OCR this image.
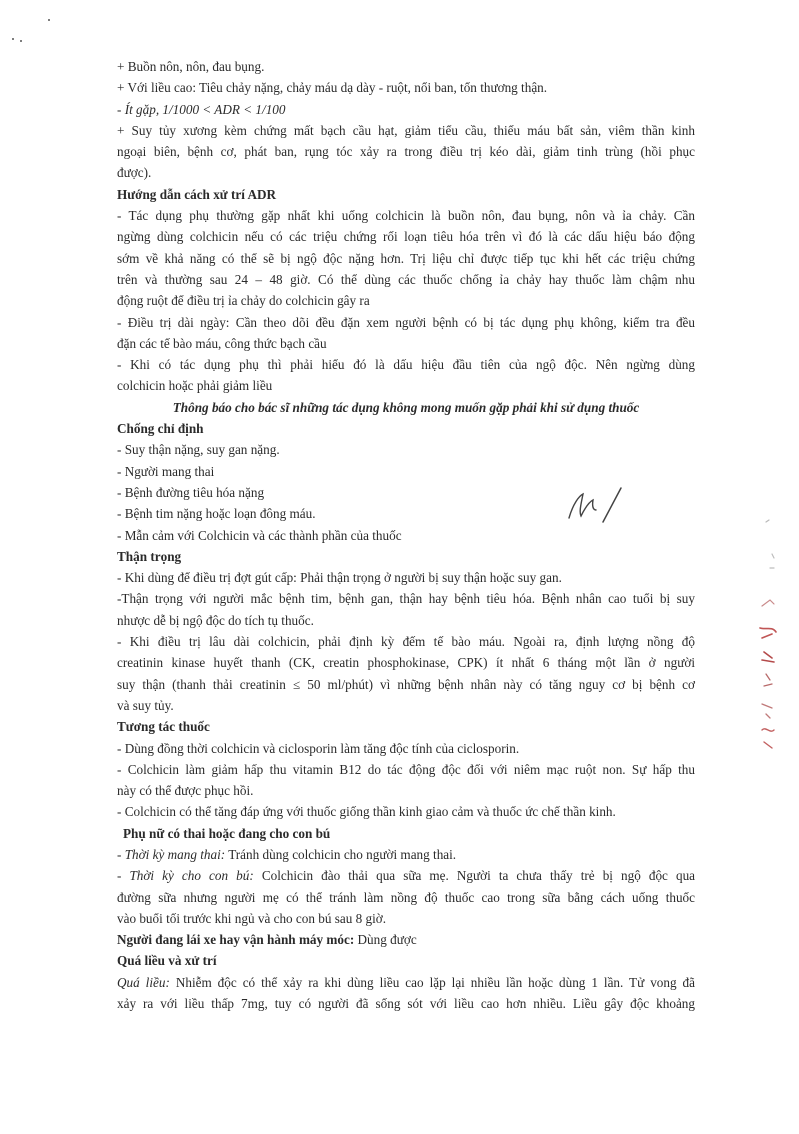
+ Buồn nôn, nôn, đau bụng.

+ Với liều cao: Tiêu chảy nặng, chảy máu dạ dày - ruột, nổi ban, tổn thương thận.

- Ít gặp, 1/1000 < ADR < 1/100

+ Suy tủy xương kèm chứng mất bạch cầu hạt, giảm tiểu cầu, thiếu máu bất sản, viêm thần kinh

ngoại biên, bệnh cơ, phát ban, rụng tóc xảy ra trong điều trị kéo dài, giảm tinh trùng (hồi phục

được).

Hướng dẫn cách xử trí ADR

- Tác dụng phụ thường gặp nhất khi uống colchicin là buồn nôn, đau bụng, nôn và ỉa chảy. Cần

ngừng dùng colchicin nếu có các triệu chứng rối loạn tiêu hóa trên vì đó là các dấu hiệu báo động

sớm về khả năng có thể sẽ bị ngộ độc nặng hơn. Trị liệu chỉ được tiếp tục khi hết các triệu chứng

trên và thường sau 24 – 48 giờ. Có thể dùng các thuốc chống ỉa chảy hay thuốc làm chậm nhu

động ruột để điều trị ỉa chảy do colchicin gây ra

- Điều trị dài ngày: Cần theo dõi đều đặn xem người bệnh có bị tác dụng phụ không, kiểm tra đều

đặn các tế bào máu, công thức bạch cầu

- Khi có tác dụng phụ thì phải hiểu đó là dấu hiệu đầu tiên của ngộ độc. Nên ngừng dùng

colchicin hoặc phải giảm liều

Thông báo cho bác sĩ những tác dụng không mong muốn gặp phải khi sử dụng thuốc

Chống chỉ định

- Suy thận nặng, suy gan nặng.

- Người mang thai

- Bệnh đường tiêu hóa nặng

- Bệnh tim nặng hoặc loạn đông máu.

- Mẫn cảm với Colchicin và các thành phần của thuốc

Thận trọng

- Khi dùng để điều trị đợt gút cấp: Phải thận trọng ở người bị suy thận hoặc suy gan.

-Thận trọng với người mắc bệnh tim, bệnh gan, thận hay bệnh tiêu hóa. Bệnh nhân cao tuổi bị suy

nhược dễ bị ngộ độc do tích tụ thuốc.

- Khi điều trị lâu dài colchicin, phải định kỳ đếm tế bào máu. Ngoài ra, định lượng nồng độ

creatinin kinase huyết thanh (CK, creatin phosphokinase, CPK) ít nhất 6 tháng một lần ở người

suy thận (thanh thải creatinin ≤ 50 ml/phút) vì những bệnh nhân này có tăng nguy cơ bị bệnh cơ

và suy tủy.

Tương tác thuốc

- Dùng đồng thời colchicin và ciclosporin làm tăng độc tính của ciclosporin.

- Colchicin làm giảm hấp thu vitamin B12 do tác động độc đối với niêm mạc ruột non. Sự hấp thu

này có thể được phục hồi.

- Colchicin có thể tăng đáp ứng với thuốc giống thần kinh giao cảm và thuốc ức chế thần kinh.

Phụ nữ có thai hoặc đang cho con bú

- Thời kỳ mang thai: Tránh dùng colchicin cho người mang thai.

- Thời kỳ cho con bú: Colchicin đào thải qua sữa mẹ. Người ta chưa thấy trẻ bị ngộ độc qua

đường sữa nhưng người mẹ có thể tránh làm nồng độ thuốc cao trong sữa bằng cách uống thuốc

vào buổi tối trước khi ngủ và cho con bú sau 8 giờ.

Người đang lái xe hay vận hành máy móc: Dùng được

Quá liều và xử trí

Quá liều: Nhiễm độc có thể xảy ra khi dùng liều cao lặp lại nhiều lần hoặc dùng 1 lần. Tử vong đã

xảy ra với liều thấp 7mg, tuy có người đã sống sót với liều cao hơn nhiều. Liều gây độc khoảng
